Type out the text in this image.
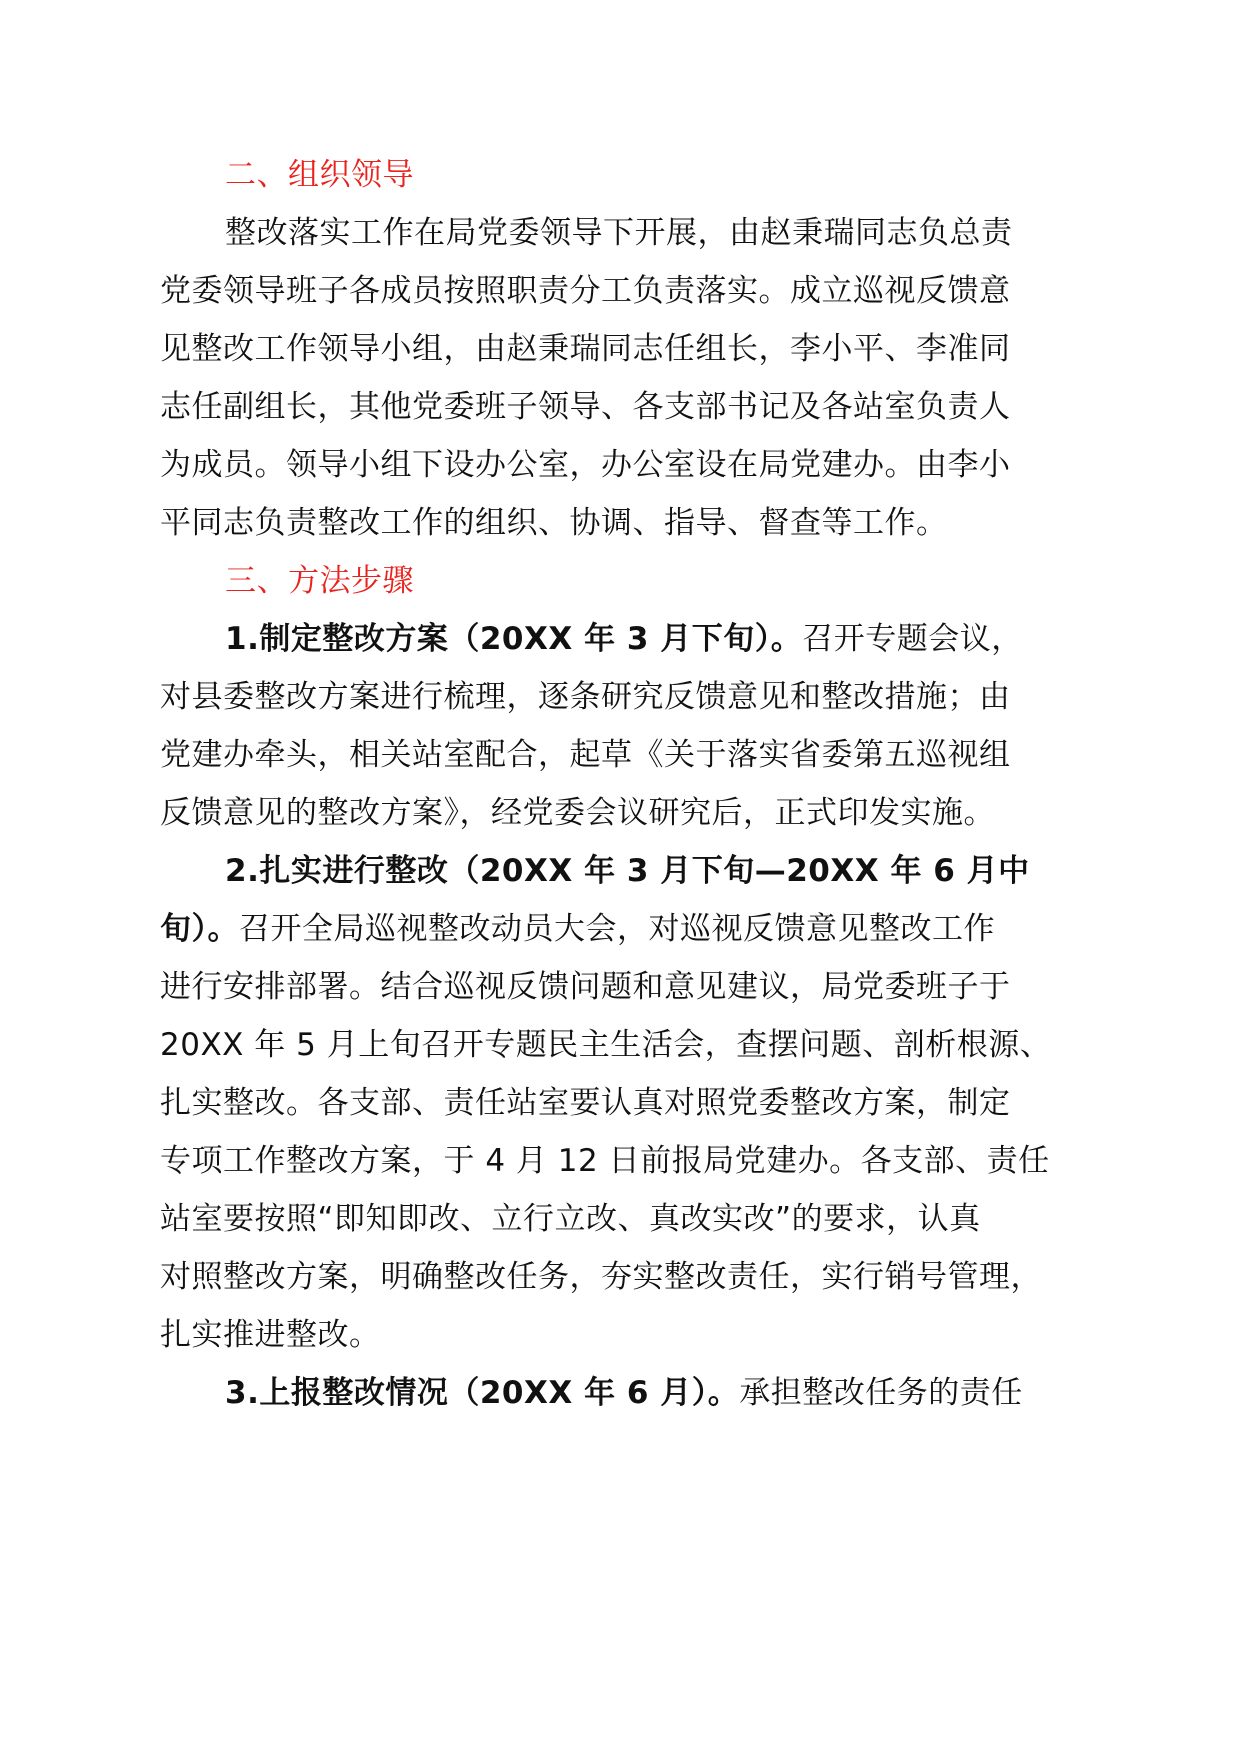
二、组织领导
整改落实工作在局党委领导下开展，由赵秉瑞同志负总责
党委领导班子各成员按照职责分工负责落实。成立巡视反馈意
见整改工作领导小组，由赵秉瑞同志任组长，李小平、李准同
志任副组长，其他党委班子领导、各支部书记及各站室负责人
为成员。领导小组下设办公室，办公室设在局党建办。由李小
平同志负责整改工作的组织、协调、指导、督查等工作。
三、方法步骤
1.制定整改方案（20XX 年 3 月下旬）。召开专题会议，
对县委整改方案进行梳理，逐条研究反馈意见和整改措施；由
党建办牵头，相关站室配合，起草《关于落实省委第五巡视组
反馈意见的整改方案》，经党委会议研究后，正式印发实施。
2.扎实进行整改（20XX 年 3 月下旬—20XX 年 6 月中
旬）。召开全局巡视整改动员大会，对巡视反馈意见整改工作
进行安排部署。结合巡视反馈问题和意见建议，局党委班子于
20XX 年 5 月上旬召开专题民主生活会，查摆问题、剖析根源、
扎实整改。各支部、责任站室要认真对照党委整改方案，制定
专项工作整改方案，于 4 月 12 日前报局党建办。各支部、责任
站室要按照“即知即改、立行立改、真改实改”的要求，认真
对照整改方案，明确整改任务，夯实整改责任，实行销号管理，
扎实推进整改。
3.上报整改情况（20XX 年 6 月）。承担整改任务的责任
